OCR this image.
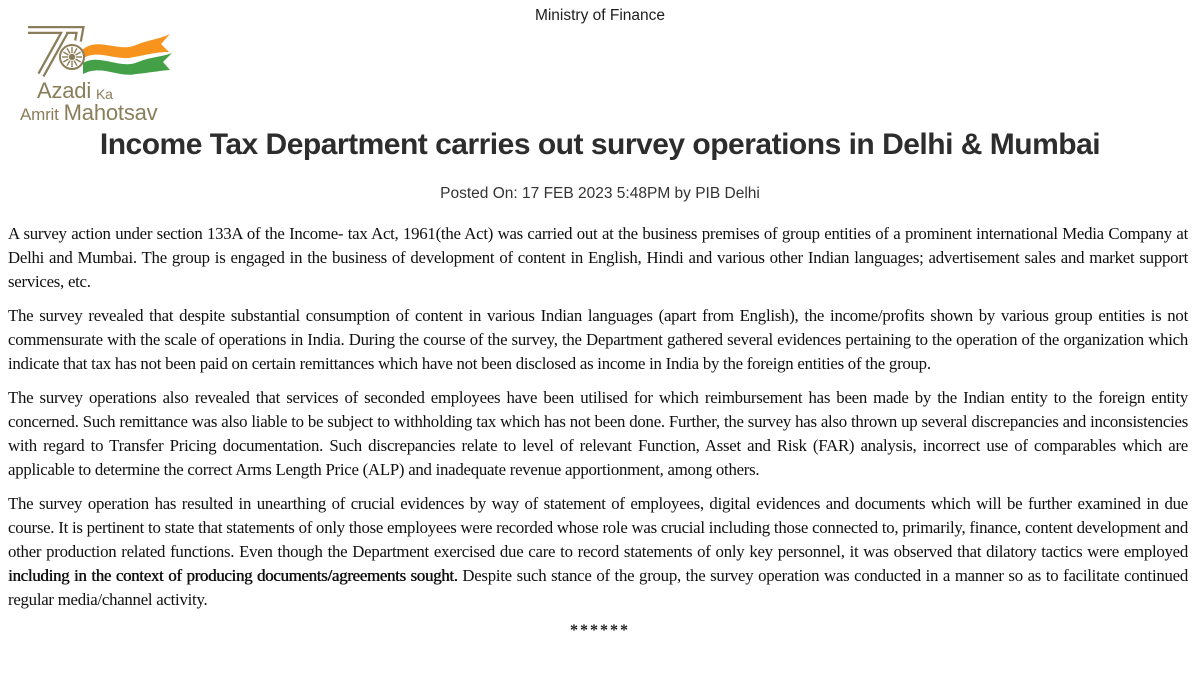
Ministry of Finance
Azadi Ka
Amrit Mahotsav
Income Tax Department carries out survey operations in Delhi & Mumbai
Posted On: 17 FEB 2023 5:48PM by PIB Delhi

A survey action under section 133A of the Income- tax Act, 1961(the Act) was carried out at the business premises of group entities of a prominent international Media Company at Delhi and Mumbai. The group is engaged in the business of development of content in English, Hindi and various other Indian languages; advertisement sales and market support services, etc.

The survey revealed that despite substantial consumption of content in various Indian languages (apart from English), the income/profits shown by various group entities is not commensurate with the scale of operations in India. During the course of the survey, the Department gathered several evidences pertaining to the operation of the organization which indicate that tax has not been paid on certain remittances which have not been disclosed as income in India by the foreign entities of the group.

The survey operations also revealed that services of seconded employees have been utilised for which reimbursement has been made by the Indian entity to the foreign entity concerned. Such remittance was also liable to be subject to withholding tax which has not been done. Further, the survey has also thrown up several discrepancies and inconsistencies with regard to Transfer Pricing documentation. Such discrepancies relate to level of relevant Function, Asset and Risk (FAR) analysis, incorrect use of comparables which are applicable to determine the correct Arms Length Price (ALP) and inadequate revenue apportionment, among others.

The survey operation has resulted in unearthing of crucial evidences by way of statement of employees, digital evidences and documents which will be further examined in due course. It is pertinent to state that statements of only those employees were recorded whose role was crucial including those connected to, primarily, finance, content development and other production related functions. Even though the Department exercised due care to record statements of only key personnel, it was observed that dilatory tactics were employed including in the context of producing documents/agreements sought. Despite such stance of the group, the survey operation was conducted in a manner so as to facilitate continued regular media/channel activity.

******
